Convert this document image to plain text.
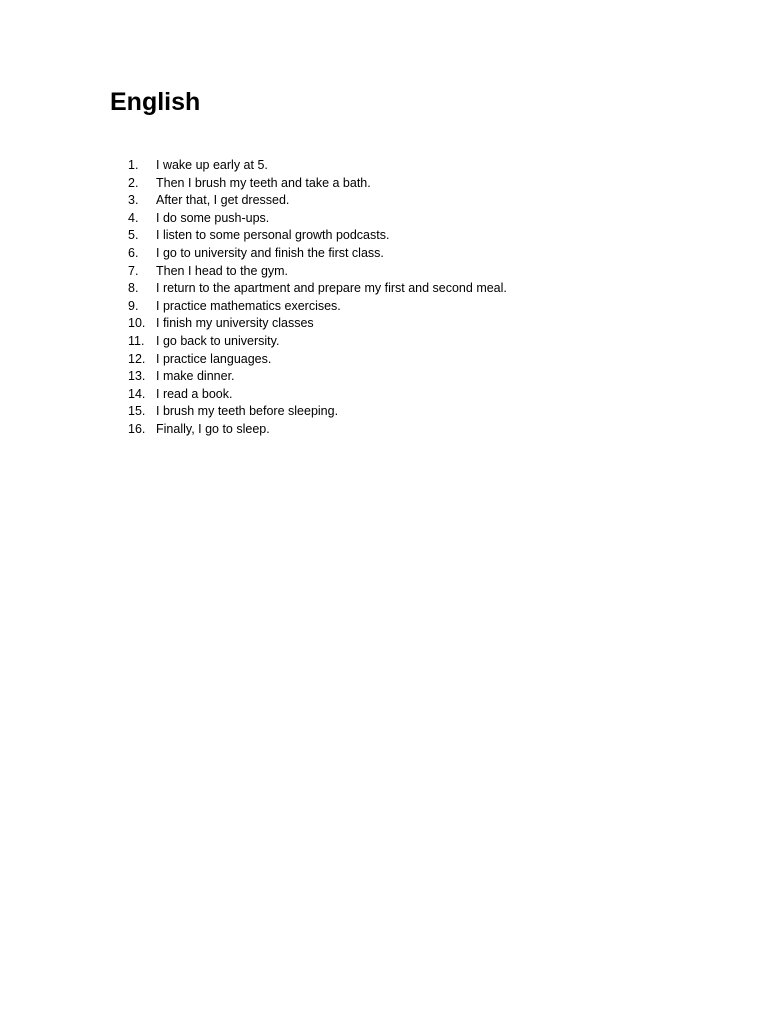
English
1.	I wake up early at 5.
2.	Then I brush my teeth and take a bath.
3.	After that, I get dressed.
4.	I do some push-ups.
5.	I listen to some personal growth podcasts.
6.	I go to university and finish the first class.
7.	Then I head to the gym.
8.	I return to the apartment and prepare my first and second meal.
9.	I practice mathematics exercises.
10. I finish my university classes
11. I go back to university.
12. I practice languages.
13. I make dinner.
14. I read a book.
15. I brush my teeth before sleeping.
16. Finally, I go to sleep.
